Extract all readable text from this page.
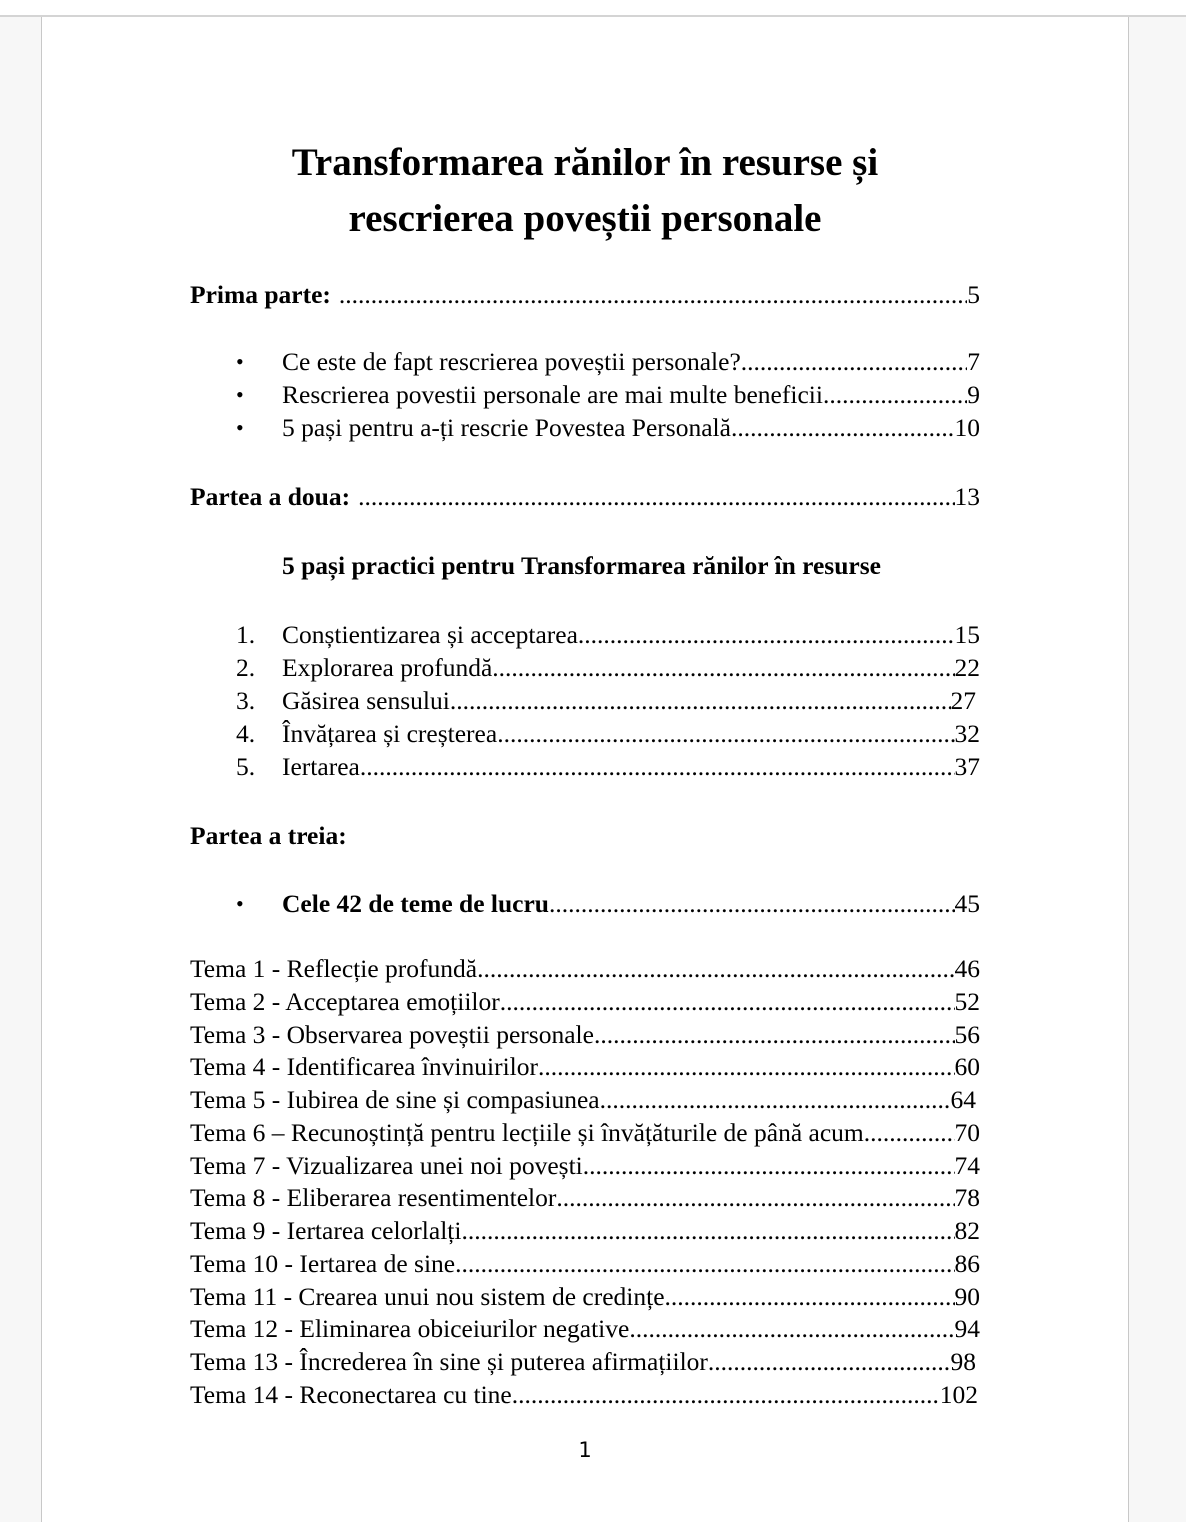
Transformarea rănilor în resurse și
rescrierea poveștii personale
Prima parte: .....	5
•	Ce este de fapt rescrierea poveștii personale? .....	7
•	Rescrierea povestii personale are mai multe beneficii .....	9
•	5 pași pentru a-ți rescrie Povestea Personală .....	10
Partea a doua: .....	13
5 pași practici pentru Transformarea rănilor în resurse
1.	Conștientizarea și acceptarea .....	15
2.	Explorarea profundă .....	22
3.	Găsirea sensului .....	27
4.	Învățarea și creșterea .....	32
5.	Iertarea .....	37
Partea a treia:
•	Cele 42 de teme de lucru .....	45
Tema 1 - Reflecție profundă .....	46
Tema 2 - Acceptarea emoțiilor .....	52
Tema 3 - Observarea poveștii personale .....	56
Tema 4 - Identificarea învinuirilor .....	60
Tema 5 - Iubirea de sine și compasiunea .....	64
Tema 6 – Recunoștință pentru lecțiile și învățăturile de până acum .....	70
Tema 7 - Vizualizarea unei noi povești .....	74
Tema 8 - Eliberarea resentimentelor .....	78
Tema 9 - Iertarea celorlalți .....	82
Tema 10 - Iertarea de sine .....	86
Tema 11 - Crearea unui nou sistem de credințe .....	90
Tema 12 - Eliminarea obiceiurilor negative .....	94
Tema 13 - Încrederea în sine și puterea afirmațiilor .....	98
Tema 14 - Reconectarea cu tine .....	102
1
